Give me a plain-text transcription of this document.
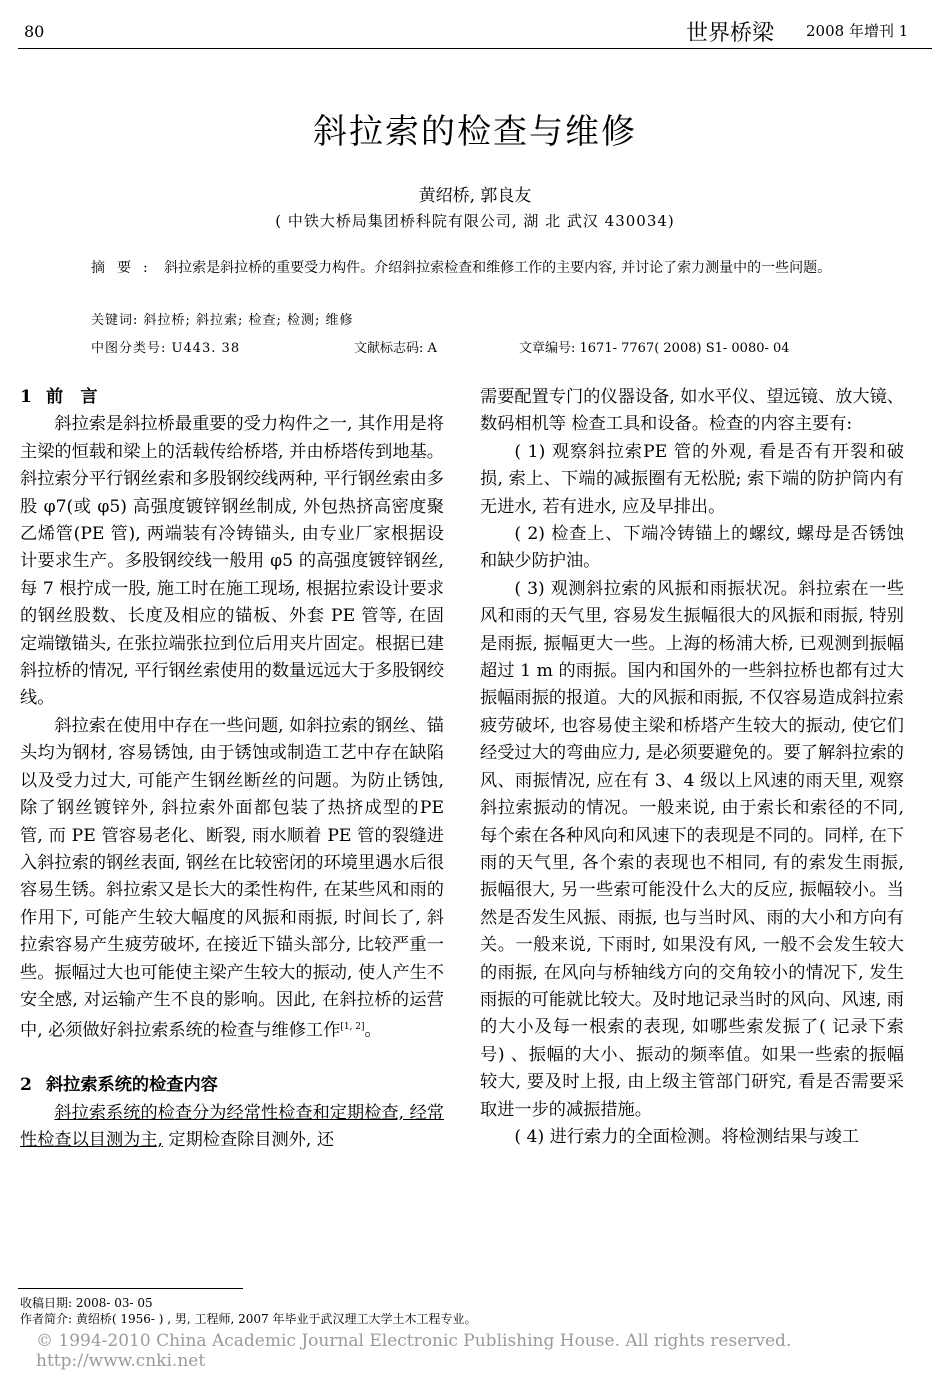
80	世界桥梁 2008 年增刊 1
斜拉索的检查与维修
黄绍桥, 郭良友
( 中铁大桥局集团桥科院有限公司, 湖 北 武汉 430034)
摘要: 斜拉索是斜拉桥的重要受力构件。介绍斜拉索检查和维修工作的主要内容, 并讨论了索力测量中的一些问题。
关键词: 斜拉桥; 斜拉索; 检查; 检测; 维修
中图分类号: U443. 38	文献标志码: A	文章编号: 1671- 7767( 2008) S1- 0080- 04
1 前　言

斜拉索是斜拉桥最重要的受力构件之一, 其作用是将主梁的恒载和梁上的活载传给桥塔, 并由桥塔传到地基。斜拉索分平行钢丝索和多股钢绞线两种, 平行钢丝索由多股 φ7(或 φ5) 高强度镀锌钢丝制成, 外包热挤高密度聚乙烯管(PE 管), 两端装有冷铸锚头, 由专业厂家根据设计要求生产。多股钢绞线一般用 φ5 的高强度镀锌钢丝, 每 7 根拧成一股, 施工时在施工现场, 根据拉索设计要求的钢丝股数、长度及相应的锚板、外套 PE 管等, 在固定端镦锚头, 在张拉端张拉到位后用夹片固定。根据已建斜拉桥的情况, 平行钢丝索使用的数量远远大于多股钢绞线。

斜拉索在使用中存在一些问题, 如斜拉索的钢丝、锚头均为钢材, 容易锈蚀, 由于锈蚀或制造工艺中存在缺陷以及受力过大, 可能产生钢丝断丝的问题。为防止锈蚀, 除了钢丝镀锌外, 斜拉索外面都包装了热挤成型的PE 管, 而 PE 管容易老化、断裂, 雨水顺着 PE 管的裂缝进入斜拉索的钢丝表面, 钢丝在比较密闭的环境里遇水后很容易生锈。斜拉索又是长大的柔性构件, 在某些风和雨的作用下, 可能产生较大幅度的风振和雨振, 时间长了, 斜拉索容易产生疲劳破坏, 在接近下锚头部分, 比较严重一些。振幅过大也可能使主梁产生较大的振动, 使人产生不安全感, 对运输产生不良的影响。因此, 在斜拉桥的运营中, 必须做好斜拉索系统的检查与维修工作[1, 2]。

2 斜拉索系统的检查内容

斜拉索系统的检查分为经常性检查和定期检查, 经常性检查以目测为主, 定期检查除目测外, 还

需要配置专门的仪器设备, 如水平仪、望远镜、放大镜、数码相机等 检查工具和设备。检查的内容主要有:

( 1) 观察斜拉索PE 管的外观, 看是否有开裂和破损, 索上、下端的减振圈有无松脱; 索下端的防护筒内有无进水, 若有进水, 应及早排出。

( 2) 检查上、下端冷铸锚上的螺纹, 螺母是否锈蚀和缺少防护油。

( 3) 观测斜拉索的风振和雨振状况。斜拉索在一些风和雨的天气里, 容易发生振幅很大的风振和雨振, 特别是雨振, 振幅更大一些。上海的杨浦大桥, 已观测到振幅超过 1 m 的雨振。国内和国外的一些斜拉桥也都有过大振幅雨振的报道。大的风振和雨振, 不仅容易造成斜拉索疲劳破坏, 也容易使主梁和桥塔产生较大的振动, 使它们经受过大的弯曲应力, 是必须要避免的。要了解斜拉索的风、雨振情况, 应在有 3、4 级以上风速的雨天里, 观察斜拉索振动的情况。一般来说, 由于索长和索径的不同, 每个索在各种风向和风速下的表现是不同的。同样, 在下雨的天气里, 各个索的表现也不相同, 有的索发生雨振, 振幅很大, 另一些索可能没什么大的反应, 振幅较小。当然是否发生风振、雨振, 也与当时风、雨的大小和方向有关。一般来说, 下雨时, 如果没有风, 一般不会发生较大的雨振, 在风向与桥轴线方向的交角较小的情况下, 发生雨振的可能就比较大。及时地记录当时的风向、风速, 雨的大小及每一根索的表现, 如哪些索发振了( 记录下索号) 、振幅的大小、振动的频率值。如果一些索的振幅较大, 要及时上报, 由上级主管部门研究, 看是否需要采取进一步的减振措施。

( 4) 进行索力的全面检测。将检测结果与竣工

收稿日期: 2008- 03- 05
作者简介: 黄绍桥( 1956- ) , 男, 工程师, 2007 年毕业于武汉理工大学土木工程专业。
© 1994-2010 China Academic Journal Electronic Publishing House. All rights reserved.　 http://www.cnki.net
